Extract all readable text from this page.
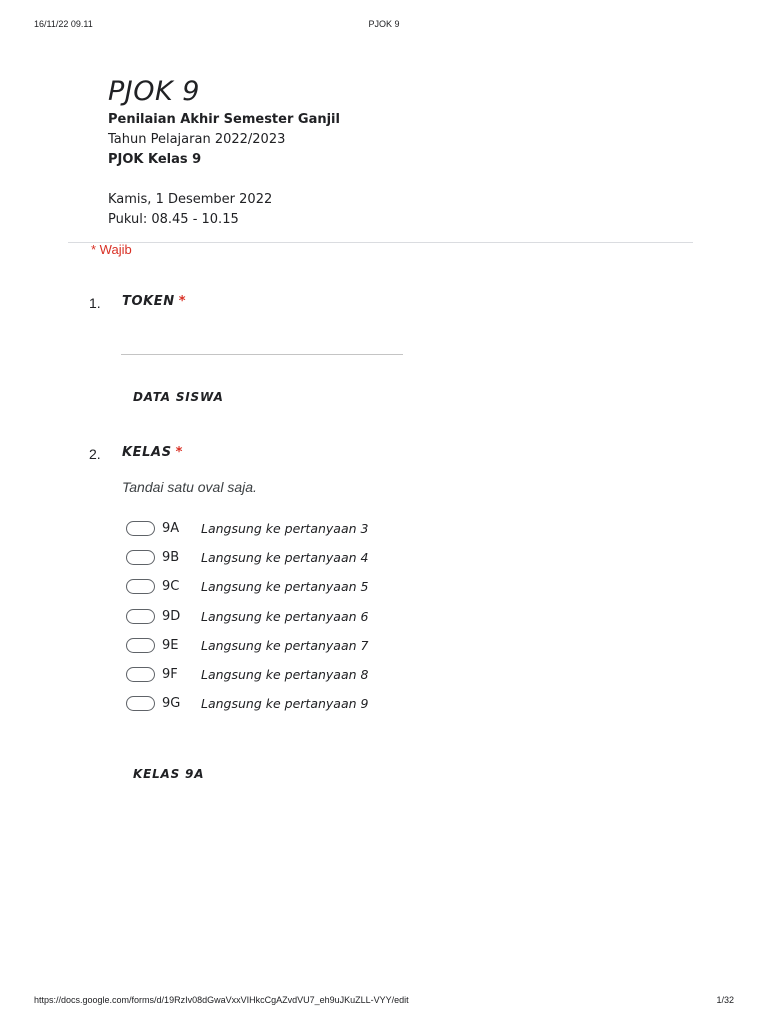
16/11/22 09.11	PJOK 9
PJOK 9
Penilaian Akhir Semester Ganjil
Tahun Pelajaran 2022/2023
PJOK Kelas 9
Kamis, 1 Desember 2022
Pukul: 08.45 - 10.15
* Wajib
1. TOKEN *
DATA SISWA
2. KELAS *
Tandai satu oval saja.
9A	Langsung ke pertanyaan 3
9B	Langsung ke pertanyaan 4
9C	Langsung ke pertanyaan 5
9D	Langsung ke pertanyaan 6
9E	Langsung ke pertanyaan 7
9F	Langsung ke pertanyaan 8
9G	Langsung ke pertanyaan 9
KELAS 9A
https://docs.google.com/forms/d/19RzIv08dGwaVxxVIHkcCgAZvdVU7_eh9uJKuZLL-VYY/edit	1/32
